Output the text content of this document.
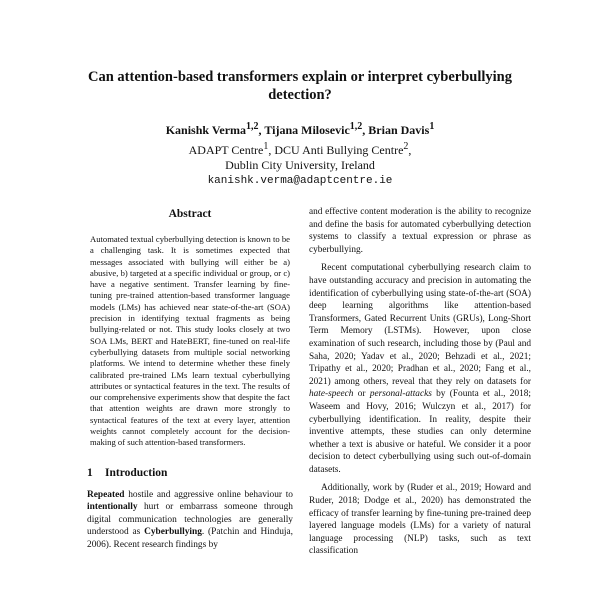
Can attention-based transformers explain or interpret cyberbullying
detection?
Kanishk Verma$^{1,2}$, Tijana Milosevic$^{1,2}$, Brian Davis$^1$
ADAPT Centre$^1$, DCU Anti Bullying Centre$^2$,
Dublin City University, Ireland
kanishk.verma@adaptcentre.ie
Abstract
Automated textual cyberbullying detection is known to be a challenging task. It is sometimes expected that messages associated with bullying will either be a) abusive, b) targeted at a specific individual or group, or c) have a negative sentiment. Transfer learning by fine-tuning pre-trained attention-based transformer language models (LMs) has achieved near state-of-the-art (SOA) precision in identifying textual fragments as being bullying-related or not. This study looks closely at two SOA LMs, BERT and HateBERT, fine-tuned on real-life cyberbullying datasets from multiple social networking platforms. We intend to determine whether these finely calibrated pre-trained LMs learn textual cyberbullying attributes or syntactical features in the text. The results of our comprehensive experiments show that despite the fact that attention weights are drawn more strongly to syntactical features of the text at every layer, attention weights cannot completely account for the decision-making of such attention-based transformers.
1 Introduction
Repeated hostile and aggressive online behaviour to intentionally hurt or embarrass someone through digital communication technologies are generally understood as Cyberbullying. (Patchin and Hinduja, 2006). Recent research findings by

and effective content moderation is the ability to recognize and define the basis for automated cyberbullying detection systems to classify a textual expression or phrase as cyberbullying.

Recent computational cyberbullying research claim to have outstanding accuracy and precision in automating the identification of cyberbullying using state-of-the-art (SOA) deep learning algorithms like attention-based Transformers, Gated Recurrent Units (GRUs), Long-Short Term Memory (LSTMs). However, upon close examination of such research, including those by (Paul and Saha, 2020; Yadav et al., 2020; Behzadi et al., 2021; Tripathy et al., 2020; Pradhan et al., 2020; Fang et al., 2021) among others, reveal that they rely on datasets for hate-speech or personal-attacks by (Founta et al., 2018; Waseem and Hovy, 2016; Wulczyn et al., 2017) for cyberbullying identification. In reality, despite their inventive attempts, these studies can only determine whether a text is abusive or hateful. We consider it a poor decision to detect cyberbullying using such out-of-domain datasets.

Additionally, work by (Ruder et al., 2019; Howard and Ruder, 2018; Dodge et al., 2020) has demonstrated the efficacy of transfer learning by fine-tuning pre-trained deep layered language models (LMs) for a variety of natural language processing (NLP) tasks, such as text classification
